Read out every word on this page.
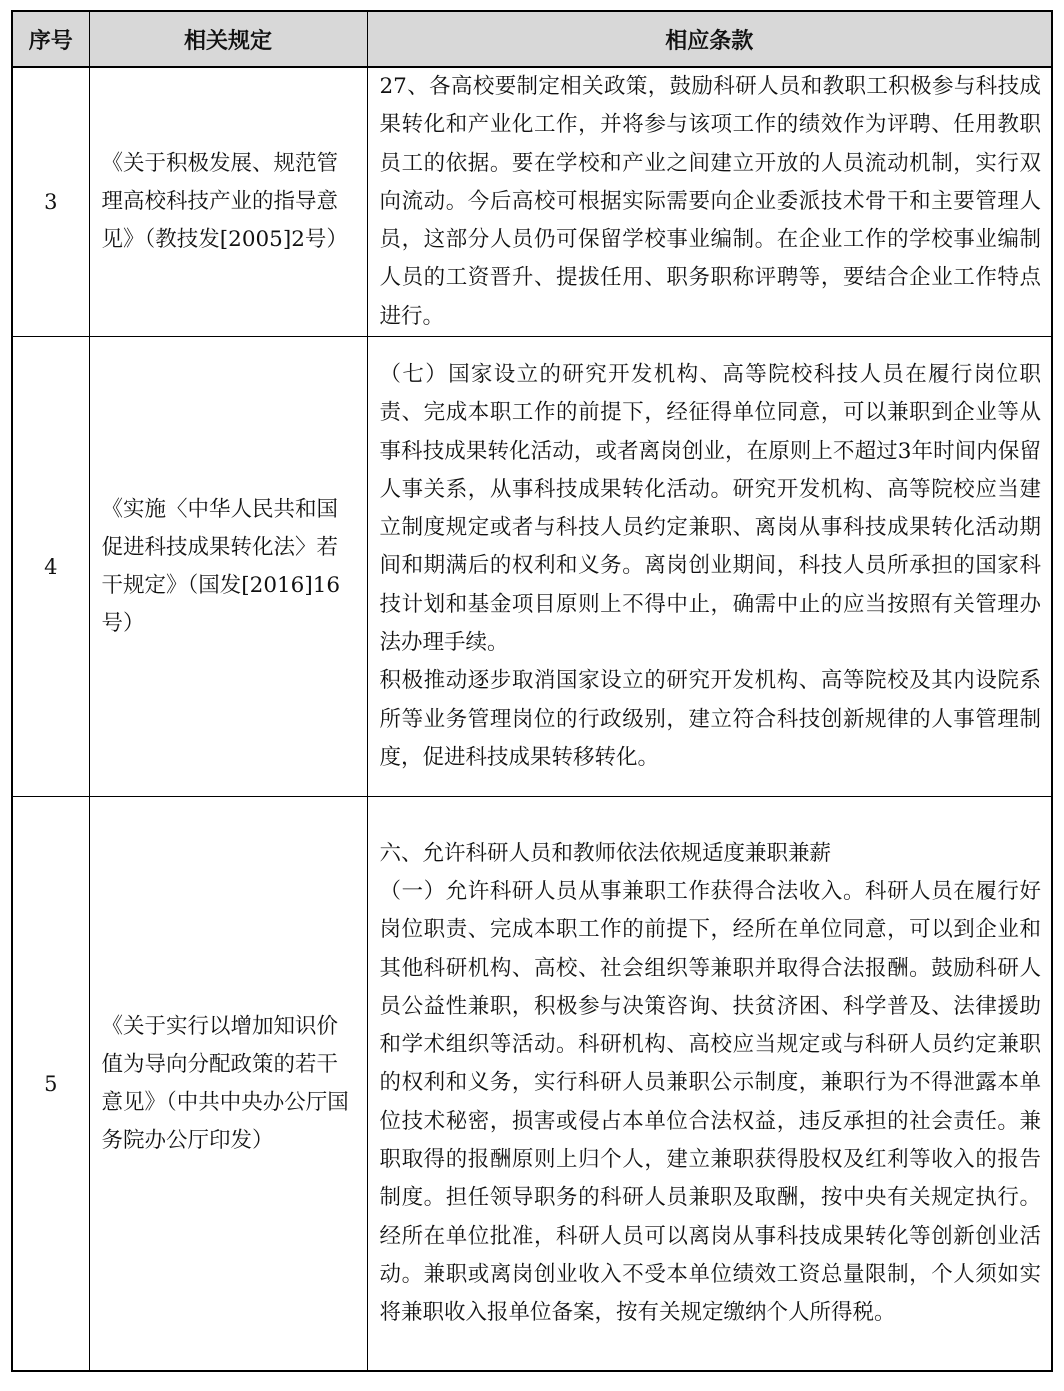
序号	相关规定	相应条款
3	《关于积极发展、规范管理高校科技产业的指导意见》（教技发[2005]2号）	27、各高校要制定相关政策，鼓励科研人员和教职工积极参与科技成果转化和产业化工作，并将参与该项工作的绩效作为评聘、任用教职员工的依据。要在学校和产业之间建立开放的人员流动机制，实行双向流动。今后高校可根据实际需要向企业委派技术骨干和主要管理人员，这部分人员仍可保留学校事业编制。在企业工作的学校事业编制人员的工资晋升、提拔任用、职务职称评聘等，要结合企业工作特点进行。

4	《实施〈中华人民共和国促进科技成果转化法〉若干规定》（国发[2016]16号）	（七）国家设立的研究开发机构、高等院校科技人员在履行岗位职责、完成本职工作的前提下，经征得单位同意，可以兼职到企业等从事科技成果转化活动，或者离岗创业，在原则上不超过3年时间内保留人事关系，从事科技成果转化活动。研究开发机构、高等院校应当建立制度规定或者与科技人员约定兼职、离岗从事科技成果转化活动期间和期满后的权利和义务。离岗创业期间，科技人员所承担的国家科技计划和基金项目原则上不得中止，确需中止的应当按照有关管理办法办理手续。

积极推动逐步取消国家设立的研究开发机构、高等院校及其内设院系所等业务管理岗位的行政级别，建立符合科技创新规律的人事管理制度，促进科技成果转移转化。

5	《关于实行以增加知识价值为导向分配政策的若干意见》（中共中央办公厅国务院办公厅印发）	六、允许科研人员和教师依法依规适度兼职兼薪

（一）允许科研人员从事兼职工作获得合法收入。科研人员在履行好岗位职责、完成本职工作的前提下，经所在单位同意，可以到企业和其他科研机构、高校、社会组织等兼职并取得合法报酬。鼓励科研人员公益性兼职，积极参与决策咨询、扶贫济困、科学普及、法律援助和学术组织等活动。科研机构、高校应当规定或与科研人员约定兼职的权利和义务，实行科研人员兼职公示制度，兼职行为不得泄露本单位技术秘密，损害或侵占本单位合法权益，违反承担的社会责任。兼职取得的报酬原则上归个人，建立兼职获得股权及红利等收入的报告制度。担任领导职务的科研人员兼职及取酬，按中央有关规定执行。经所在单位批准，科研人员可以离岗从事科技成果转化等创新创业活动。兼职或离岗创业收入不受本单位绩效工资总量限制，个人须如实将兼职收入报单位备案，按有关规定缴纳个人所得税。
